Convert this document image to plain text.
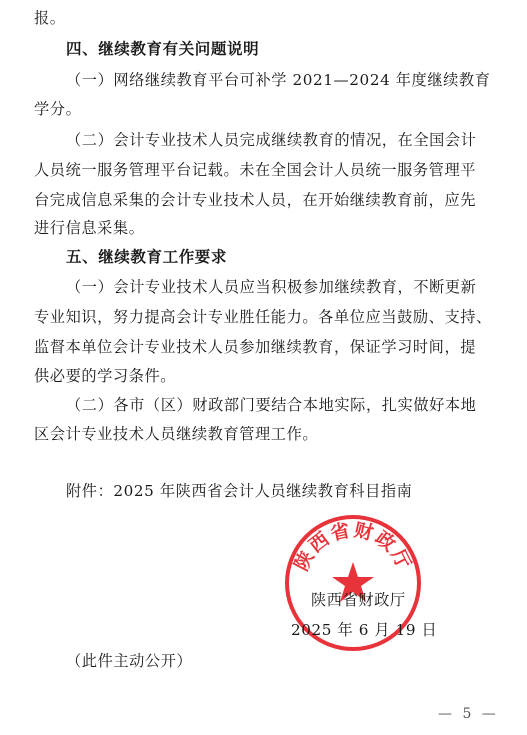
报。
四、继续教育有关问题说明
（一）网络继续教育平台可补学 2021—2024 年度继续教育
学分。
（二）会计专业技术人员完成继续教育的情况，在全国会计
人员统一服务管理平台记载。未在全国会计人员统一服务管理平
台完成信息采集的会计专业技术人员，在开始继续教育前，应先
进行信息采集。
五、继续教育工作要求
（一）会计专业技术人员应当积极参加继续教育，不断更新
专业知识，努力提高会计专业胜任能力。各单位应当鼓励、支持、
监督本单位会计专业技术人员参加继续教育，保证学习时间，提
供必要的学习条件。
（二）各市（区）财政部门要结合本地实际，扎实做好本地
区会计专业技术人员继续教育管理工作。
附件：2025 年陕西省会计人员继续教育科目指南
陕西省财政厅
陕西省财政厅
2025 年 6 月 19 日
（此件主动公开）
— 5 —
